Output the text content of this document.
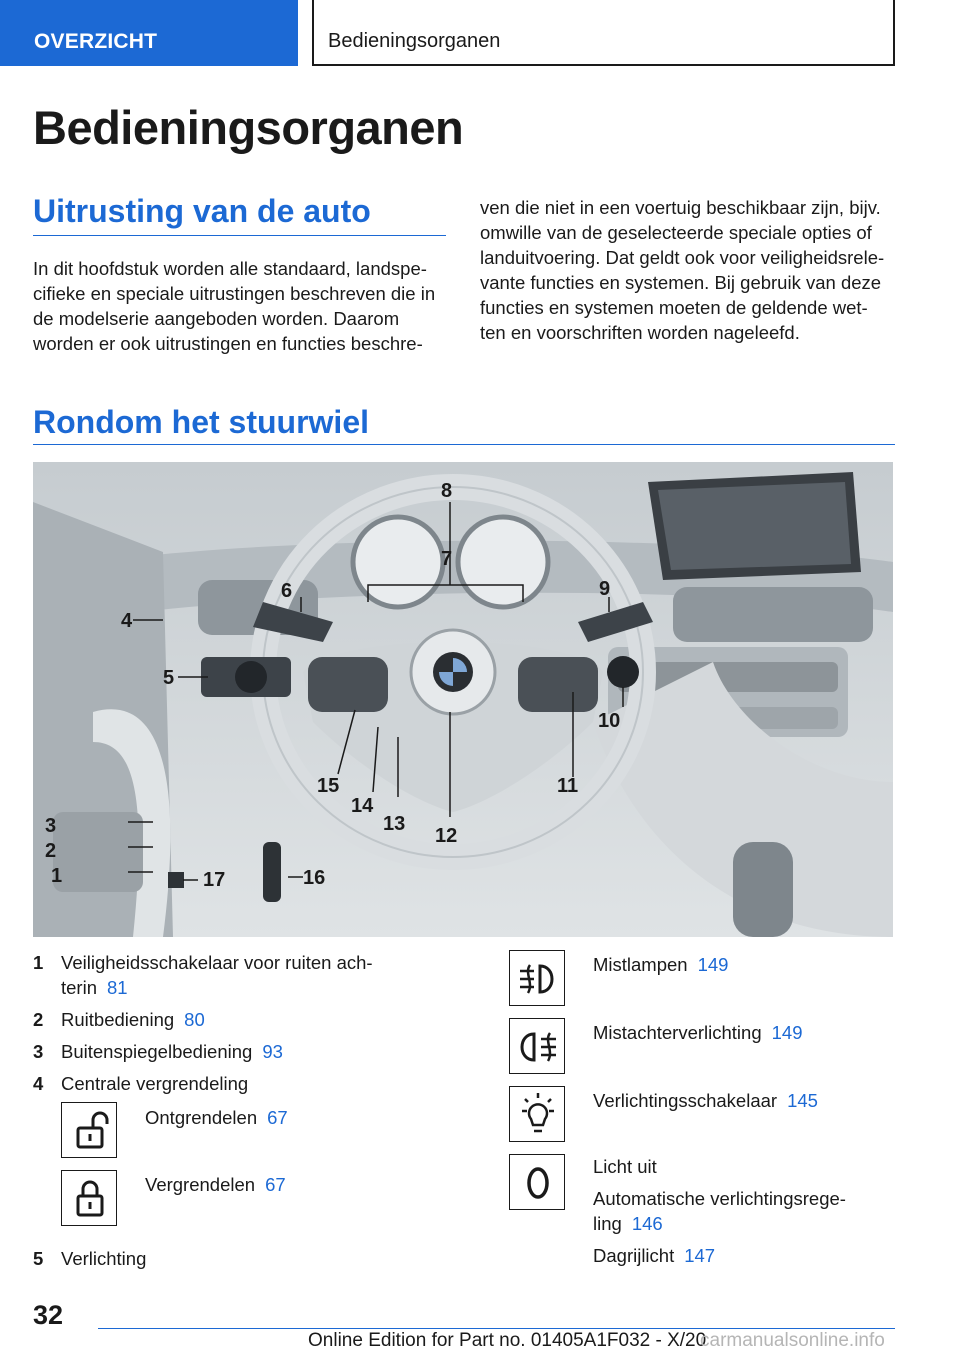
OVERZICHT	Bedieningsorganen
Bedieningsorganen
Uitrusting van de auto
In dit hoofdstuk worden alle standaard, landspe-
cifieke en speciale uitrustingen beschreven die in
de modelserie aangeboden worden. Daarom
worden er ook uitrustingen en functies beschre-
ven die niet in een voertuig beschikbaar zijn, bijv.
omwille van de geselecteerde speciale opties of
landuitvoering. Dat geldt ook voor veiligheidsrele-
vante functies en systemen. Bij gebruik van deze
functies en systemen moeten de geldende wet-
ten en voorschriften worden nageleefd.
Rondom het stuurwiel
1
2
3
4
5
6
7
8
9
10
11
12
13
14
15
16
17
1 Veiligheidsschakelaar voor ruiten ach-
terin 81
2 Ruitbediening 80
3 Buitenspiegelbediening 93
4 Centrale vergrendeling
Ontgrendelen 67
Vergrendelen 67
5 Verlichting
Mistlampen 149
Mistachterverlichting 149
Verlichtingsschakelaar 145
Licht uit
Automatische verlichtingsrege-
ling 146
Dagrijlicht 147
32
Online Edition for Part no. 01405A1F032 - X/20
carmanualsonline.info
